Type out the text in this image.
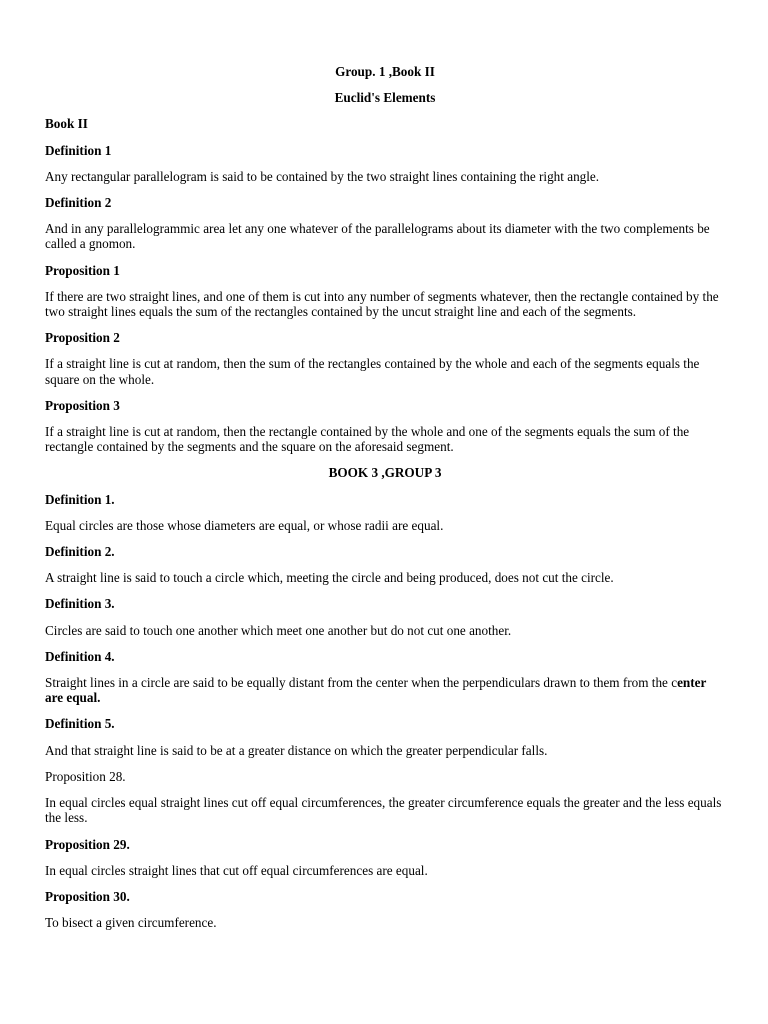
Group. 1 ,Book II
Euclid's Elements
Book II
Definition 1
Any rectangular parallelogram is said to be contained by the two straight lines containing the right angle.
Definition 2
And in any parallelogrammic area let any one whatever of the parallelograms about its diameter with the two complements be called a gnomon.
Proposition 1
If there are two straight lines, and one of them is cut into any number of segments whatever, then the rectangle contained by the two straight lines equals the sum of the rectangles contained by the uncut straight line and each of the segments.
Proposition 2
If a straight line is cut at random, then the sum of the rectangles contained by the whole and each of the segments equals the square on the whole.
Proposition 3
If a straight line is cut at random, then the rectangle contained by the whole and one of the segments equals the sum of the rectangle contained by the segments and the square on the aforesaid segment.
BOOK 3 ,GROUP 3
Definition 1.
Equal circles are those whose diameters are equal, or whose radii are equal.
Definition 2.
A straight line is said to touch a circle which, meeting the circle and being produced, does not cut the circle.
Definition 3.
Circles are said to touch one another which meet one another but do not cut one another.
Definition 4.
Straight lines in a circle are said to be equally distant from the center when the perpendiculars drawn to them from the center are equal.
Definition 5.
And that straight line is said to be at a greater distance on which the greater perpendicular falls.
Proposition 28.
In equal circles equal straight lines cut off equal circumferences, the greater circumference equals the greater and the less equals the less.
Proposition 29.
In equal circles straight lines that cut off equal circumferences are equal.
Proposition 30.
To bisect a given circumference.
